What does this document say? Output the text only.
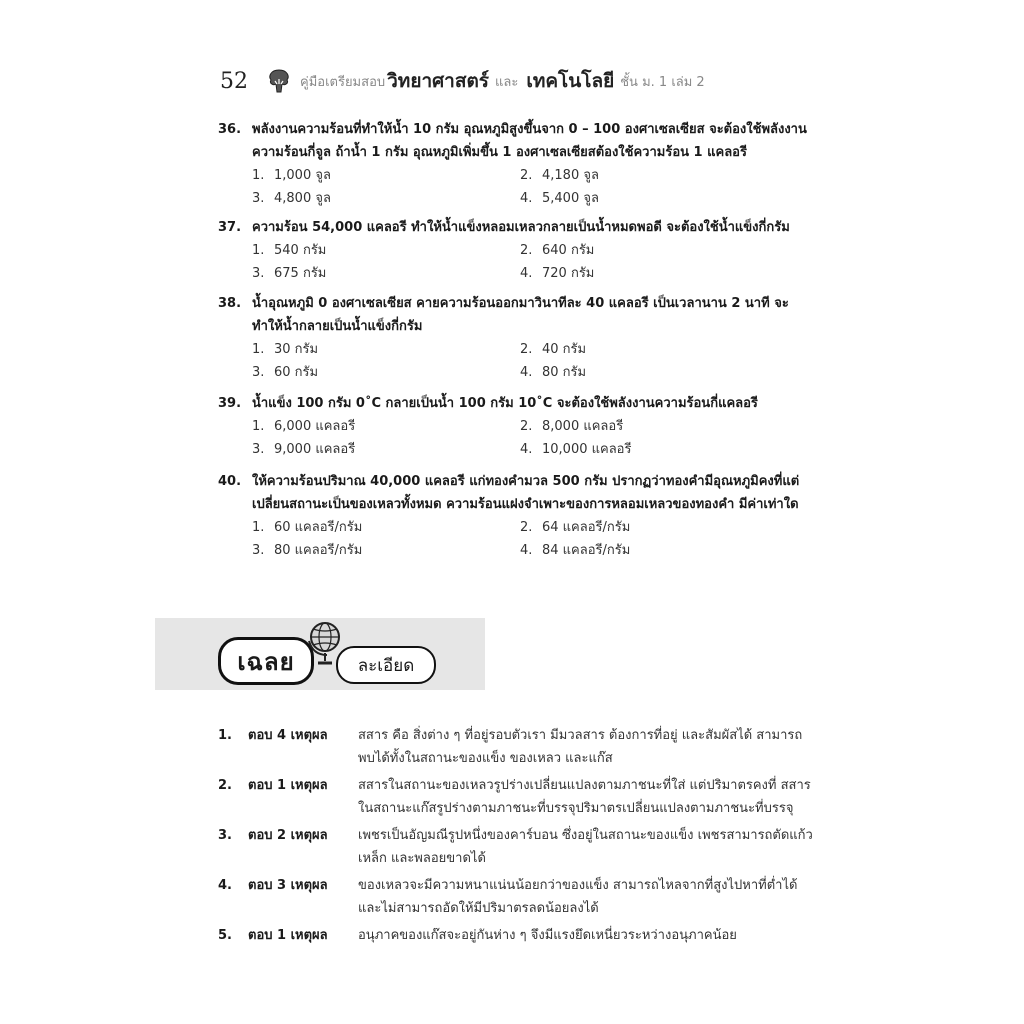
52	คู่มือเตรียมสอบ วิทยาศาสตร์ และ เทคโนโลยี ชั้น ม. 1 เล่ม 2
36. พลังงานความร้อนที่ทำให้น้ำ 10 กรัม อุณหภูมิสูงขึ้นจาก 0 – 100 องศาเซลเซียส จะต้องใช้พลังงานความร้อนกี่จูล ถ้าน้ำ 1 กรัม อุณหภูมิเพิ่มขึ้น 1 องศาเซลเซียสต้องใช้ความร้อน 1 แคลอรี
1. 1,000 จูล	2. 4,180 จูล
3. 4,800 จูล	4. 5,400 จูล
37. ความร้อน 54,000 แคลอรี ทำให้น้ำแข็งหลอมเหลวกลายเป็นน้ำหมดพอดี จะต้องใช้น้ำแข็งกี่กรัม
1. 540 กรัม	2. 640 กรัม
3. 675 กรัม	4. 720 กรัม
38. น้ำอุณหภูมิ 0 องศาเซลเซียส คายความร้อนออกมาวินาทีละ 40 แคลอรี เป็นเวลานาน 2 นาที จะทำให้น้ำกลายเป็นน้ำแข็งกี่กรัม
1. 30 กรัม	2. 40 กรัม
3. 60 กรัม	4. 80 กรัม
39. น้ำแข็ง 100 กรัม 0˚C กลายเป็นน้ำ 100 กรัม 10˚C จะต้องใช้พลังงานความร้อนกี่แคลอรี
1. 6,000 แคลอรี	2. 8,000 แคลอรี
3. 9,000 แคลอรี	4. 10,000 แคลอรี
40. ให้ความร้อนปริมาณ 40,000 แคลอรี แก่ทองคำมวล 500 กรัม ปรากฏว่าทองคำมีอุณหภูมิคงที่แต่เปลี่ยนสถานะเป็นของเหลวทั้งหมด ความร้อนแฝงจำเพาะของการหลอมเหลวของทองคำ มีค่าเท่าใด
1. 60 แคลอรี/กรัม	2. 64 แคลอรี/กรัม
3. 80 แคลอรี/กรัม	4. 84 แคลอรี/กรัม
เฉลย	ละเอียด
1.	ตอบ 4 เหตุผล	สสาร คือ สิ่งต่าง ๆ ที่อยู่รอบตัวเรา มีมวลสาร ต้องการที่อยู่ และสัมผัสได้ สามารถพบได้ทั้งในสถานะของแข็ง ของเหลว และแก๊ส
2.	ตอบ 1 เหตุผล	สสารในสถานะของเหลวรูปร่างเปลี่ยนแปลงตามภาชนะที่ใส่ แต่ปริมาตรคงที่ สสารในสถานะแก๊สรูปร่างตามภาชนะที่บรรจุปริมาตรเปลี่ยนแปลงตามภาชนะที่บรรจุ
3.	ตอบ 2 เหตุผล	เพชรเป็นอัญมณีรูปหนึ่งของคาร์บอน ซึ่งอยู่ในสถานะของแข็ง เพชรสามารถตัดแก้ว เหล็ก และพลอยขาดได้
4.	ตอบ 3 เหตุผล	ของเหลวจะมีความหนาแน่นน้อยกว่าของแข็ง สามารถไหลจากที่สูงไปหาที่ต่ำได้ และไม่สามารถอัดให้มีปริมาตรลดน้อยลงได้
5.	ตอบ 1 เหตุผล	อนุภาคของแก๊สจะอยู่กันห่าง ๆ จึงมีแรงยึดเหนี่ยวระหว่างอนุภาคน้อย
